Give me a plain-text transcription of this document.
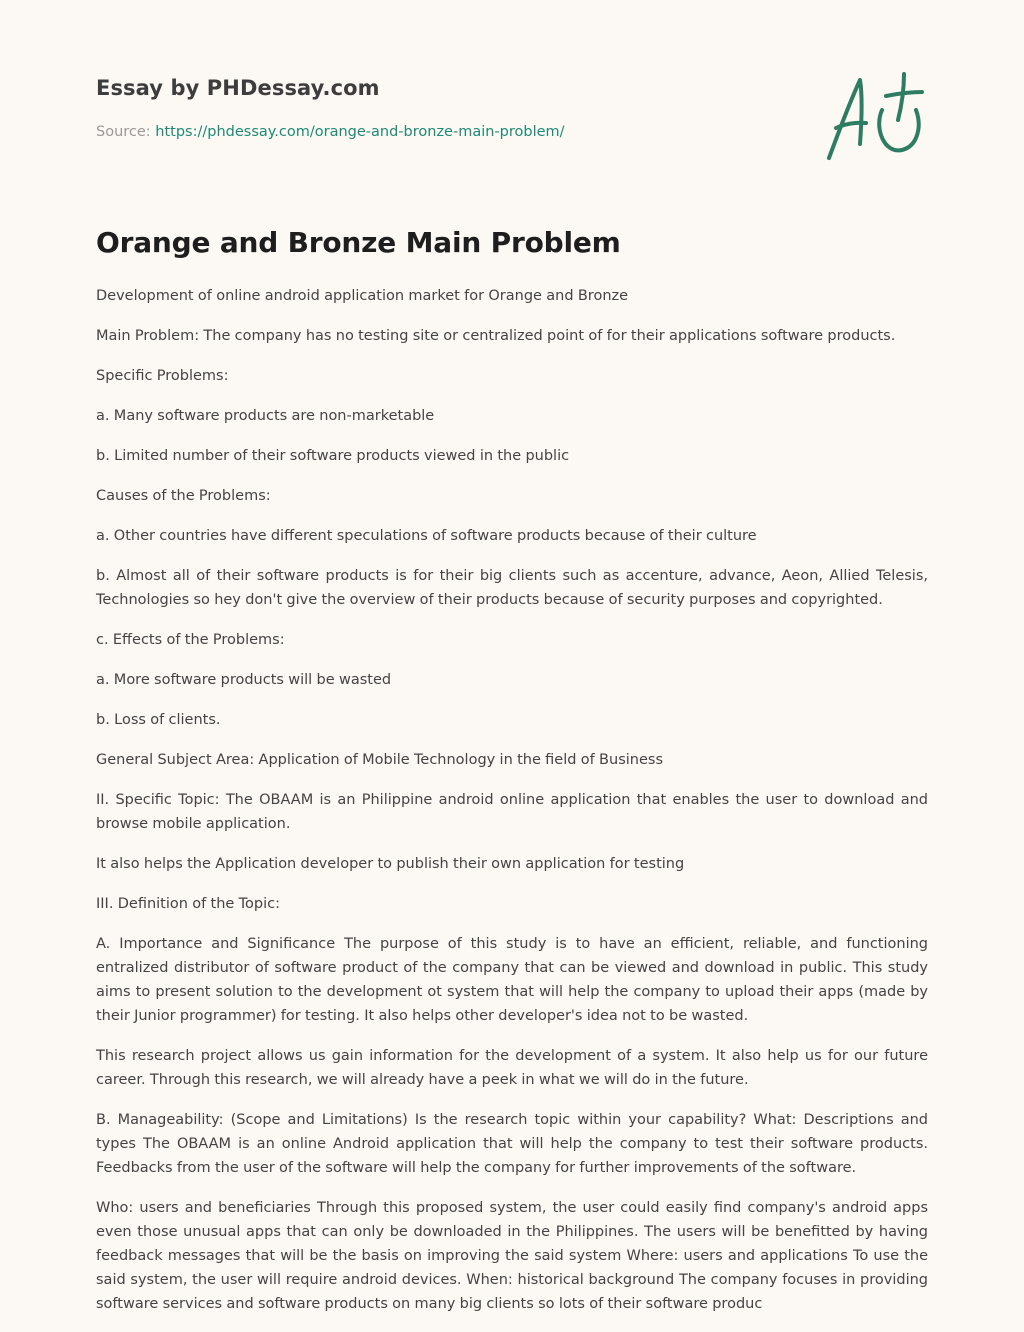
Essay by PHDessay.com
Source: https://phdessay.com/orange-and-bronze-main-problem/
Orange and Bronze Main Problem

Development of online android application market for Orange and Bronze

Main Problem: The company has no testing site or centralized point of for their applications software products.

Specific Problems:

a. Many software products are non-marketable

b. Limited number of their software products viewed in the public

Causes of the Problems:

a. Other countries have different speculations of software products because of their culture

b. Almost all of their software products is for their big clients such as accenture, advance, Aeon, Allied Telesis, Technologies so hey don't give the overview of their products because of security purposes and copyrighted.

c. Effects of the Problems:

a. More software products will be wasted

b. Loss of clients.

General Subject Area: Application of Mobile Technology in the field of Business

II. Specific Topic: The OBAAM is an Philippine android online application that enables the user to download and browse mobile application.

It also helps the Application developer to publish their own application for testing

III. Definition of the Topic:

A. Importance and Significance The purpose of this study is to have an efficient, reliable, and functioning entralized distributor of software product of the company that can be viewed and download in public. This study aims to present solution to the development ot system that will help the company to upload their apps (made by their Junior programmer) for testing. It also helps other developer's idea not to be wasted.

This research project allows us gain information for the development of a system. It also help us for our future career. Through this research, we will already have a peek in what we will do in the future.

B. Manageability: (Scope and Limitations) Is the research topic within your capability? What: Descriptions and types The OBAAM is an online Android application that will help the company to test their software products. Feedbacks from the user of the software will help the company for further improvements of the software.

Who: users and beneficiaries Through this proposed system, the user could easily find company's android apps even those unusual apps that can only be downloaded in the Philippines. The users will be benefitted by having feedback messages that will be the basis on improving the said system Where: users and applications To use the said system, the user will require android devices. When: historical background The company focuses in providing software services and software products on many big clients so lots of their software produc
